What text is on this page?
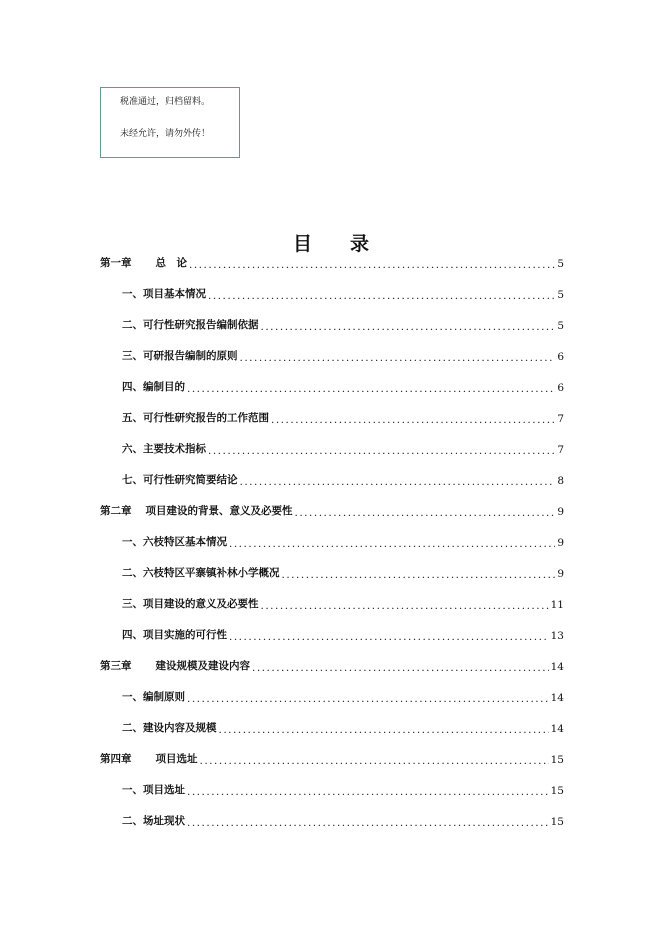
税准通过，归档留料。
未经允许，请勿外传！
目录
第一章 总　论 .....	5
一、项目基本情况 .....	5
二、可行性研究报告编制依据 .....	5
三、可研报告编制的原则 .....	6
四、编制目的 .....	6
五、可行性研究报告的工作范围 .....	7
六、主要技术指标 .....	7
七、可行性研究简要结论 .....	8
第二章 项目建设的背景、意义及必要性 .....	9
一、六枝特区基本情况 .....	9
二、六枝特区平寨镇补林小学概况 .....	9
三、项目建设的意义及必要性 .....	11
四、项目实施的可行性 .....	13
第三章 建设规模及建设内容 .....	14
一、编制原则 .....	14
二、建设内容及规模 .....	14
第四章 项目选址 .....	15
一、项目选址 .....	15
二、场址现状 .....	15
